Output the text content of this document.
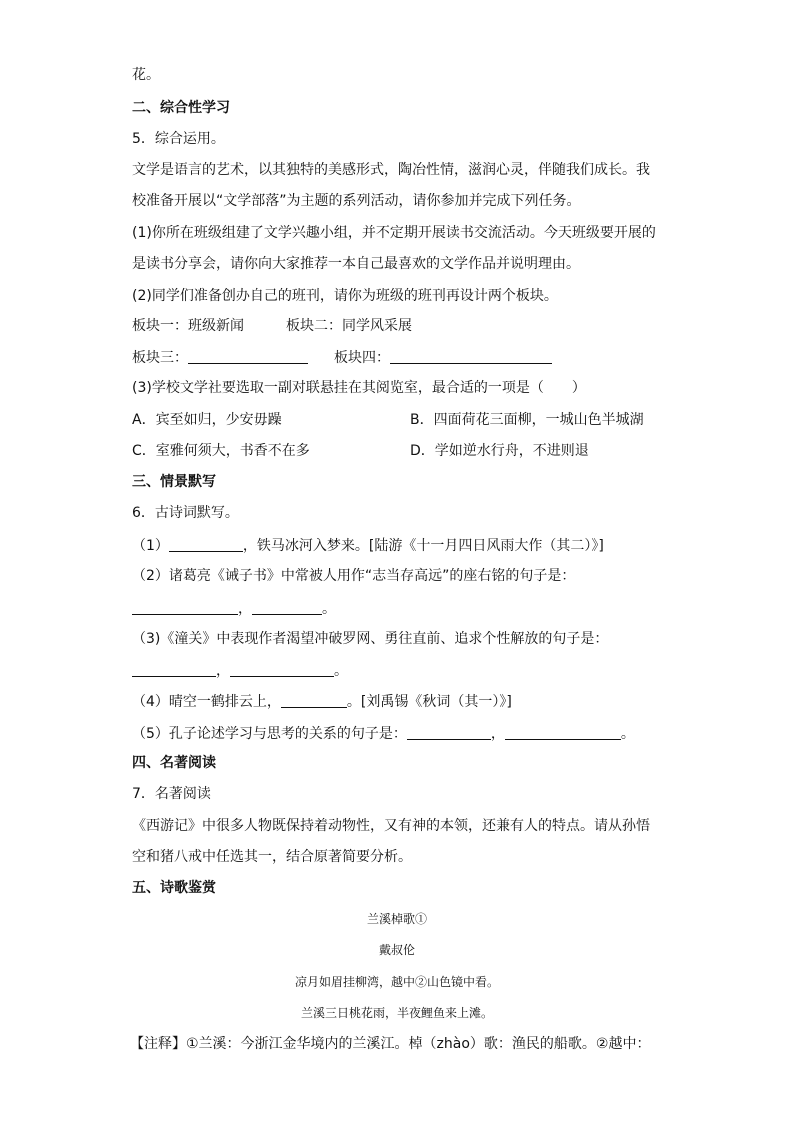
花。
二、综合性学习
5．综合运用。
文学是语言的艺术，以其独特的美感形式，陶冶性情，滋润心灵，伴随我们成长。我
校准备开展以“文学部落”为主题的系列活动，请你参加并完成下列任务。
(1)你所在班级组建了文学兴趣小组，并不定期开展读书交流活动。今天班级要开展的
是读书分享会，请你向大家推荐一本自己最喜欢的文学作品并说明理由。
(2)同学们准备创办自己的班刊，请你为班级的班刊再设计两个板块。
板块一：班级新闻	板块二：同学风采展
板块三：	板块四：
(3)学校文学社要选取一副对联悬挂在其阅览室，最合适的一项是（　　）
A．宾至如归，少安毋躁	B．四面荷花三面柳，一城山色半城湖
C．室雅何须大，书香不在多	D．学如逆水行舟，不进则退
三、情景默写
6．古诗词默写。
（1）	，铁马冰河入梦来。[陆游《十一月四日风雨大作（其二）》]
（2）诸葛亮《诫子书》中常被人用作“志当存高远”的座右铭的句子是：
，	。
（3)《潼关》中表现作者渴望冲破罗网、勇往直前、追求个性解放的句子是：
，	。
（4）晴空一鹤排云上，	。[刘禹锡《秋词（其一）》]
（5）孔子论述学习与思考的关系的句子是：	，	。
四、名著阅读
7．名著阅读
《西游记》中很多人物既保持着动物性，又有神的本领，还兼有人的特点。请从孙悟
空和猪八戒中任选其一，结合原著简要分析。
五、诗歌鉴赏
兰溪棹歌①
戴叔伦
凉月如眉挂柳湾，越中②山色镜中看。
兰溪三日桃花雨，半夜鲤鱼来上滩。
【注释】①兰溪：今浙江金华境内的兰溪江。棹（zhào）歌：渔民的船歌。②越中：
